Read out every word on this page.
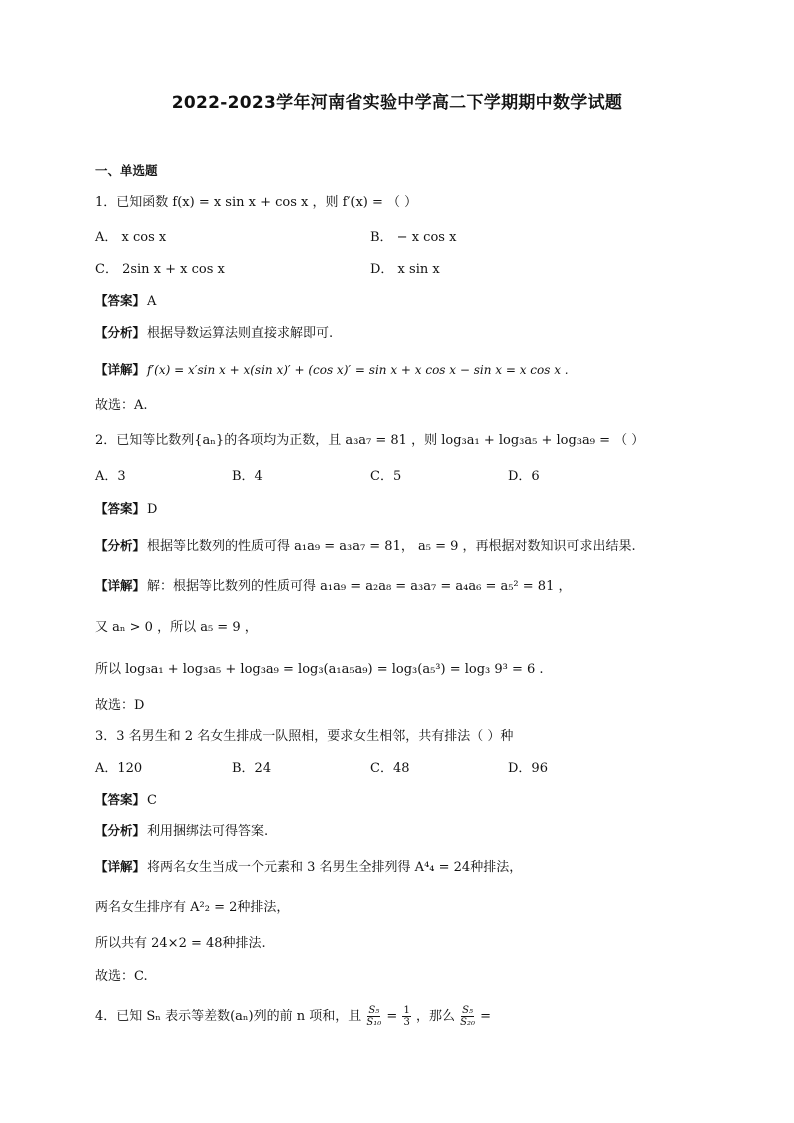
2022-2023学年河南省实验中学高二下学期期中数学试题
一、单选题
1．已知函数 f(x) = x sin x + cos x ，则 f′(x) = （ ）
A． x cos x	B． − x cos x
C． 2sin x + x cos x	D． x sin x
【答案】 A
【分析】 根据导数运算法则直接求解即可.
【详解】 f′(x) = x′sin x + x(sin x)′ + (cos x)′ = sin x + x cos x − sin x = x cos x .
故选：A.
2．已知等比数列{aₙ}的各项均为正数，且 a₃a₇ = 81 ，则 log₃a₁ + log₃a₅ + log₃a₉ = （ ）
A．3	B．4	C．5	D．6
【答案】 D
【分析】 根据等比数列的性质可得 a₁a₉ = a₃a₇ = 81， a₅ = 9 ，再根据对数知识可求出结果.
【详解】 解：根据等比数列的性质可得 a₁a₉ = a₂a₈ = a₃a₇ = a₄a₆ = a₅² = 81 ，
又 aₙ > 0 ，所以 a₅ = 9 ，
所以 log₃a₁ + log₃a₅ + log₃a₉ = log₃(a₁a₅a₉) = log₃(a₅³) = log₃ 9³ = 6 .
故选：D
3．3 名男生和 2 名女生排成一队照相，要求女生相邻，共有排法（ ）种
A．120	B．24	C．48	D．96
【答案】 C
【分析】 利用捆绑法可得答案.
【详解】 将两名女生当成一个元素和 3 名男生全排列得 A⁴₄ = 24种排法，
两名女生排序有 A²₂ = 2种排法，
所以共有 24×2 = 48种排法.
故选：C.
4．已知 Sₙ 表示等差数(aₙ)列的前 n 项和，且 $\frac{\text{S₅}}{\text{S₁₀}} = \frac{1}{3}$ ，那么 $\frac{\text{S₅}}{\text{S₂₀}}$ =
